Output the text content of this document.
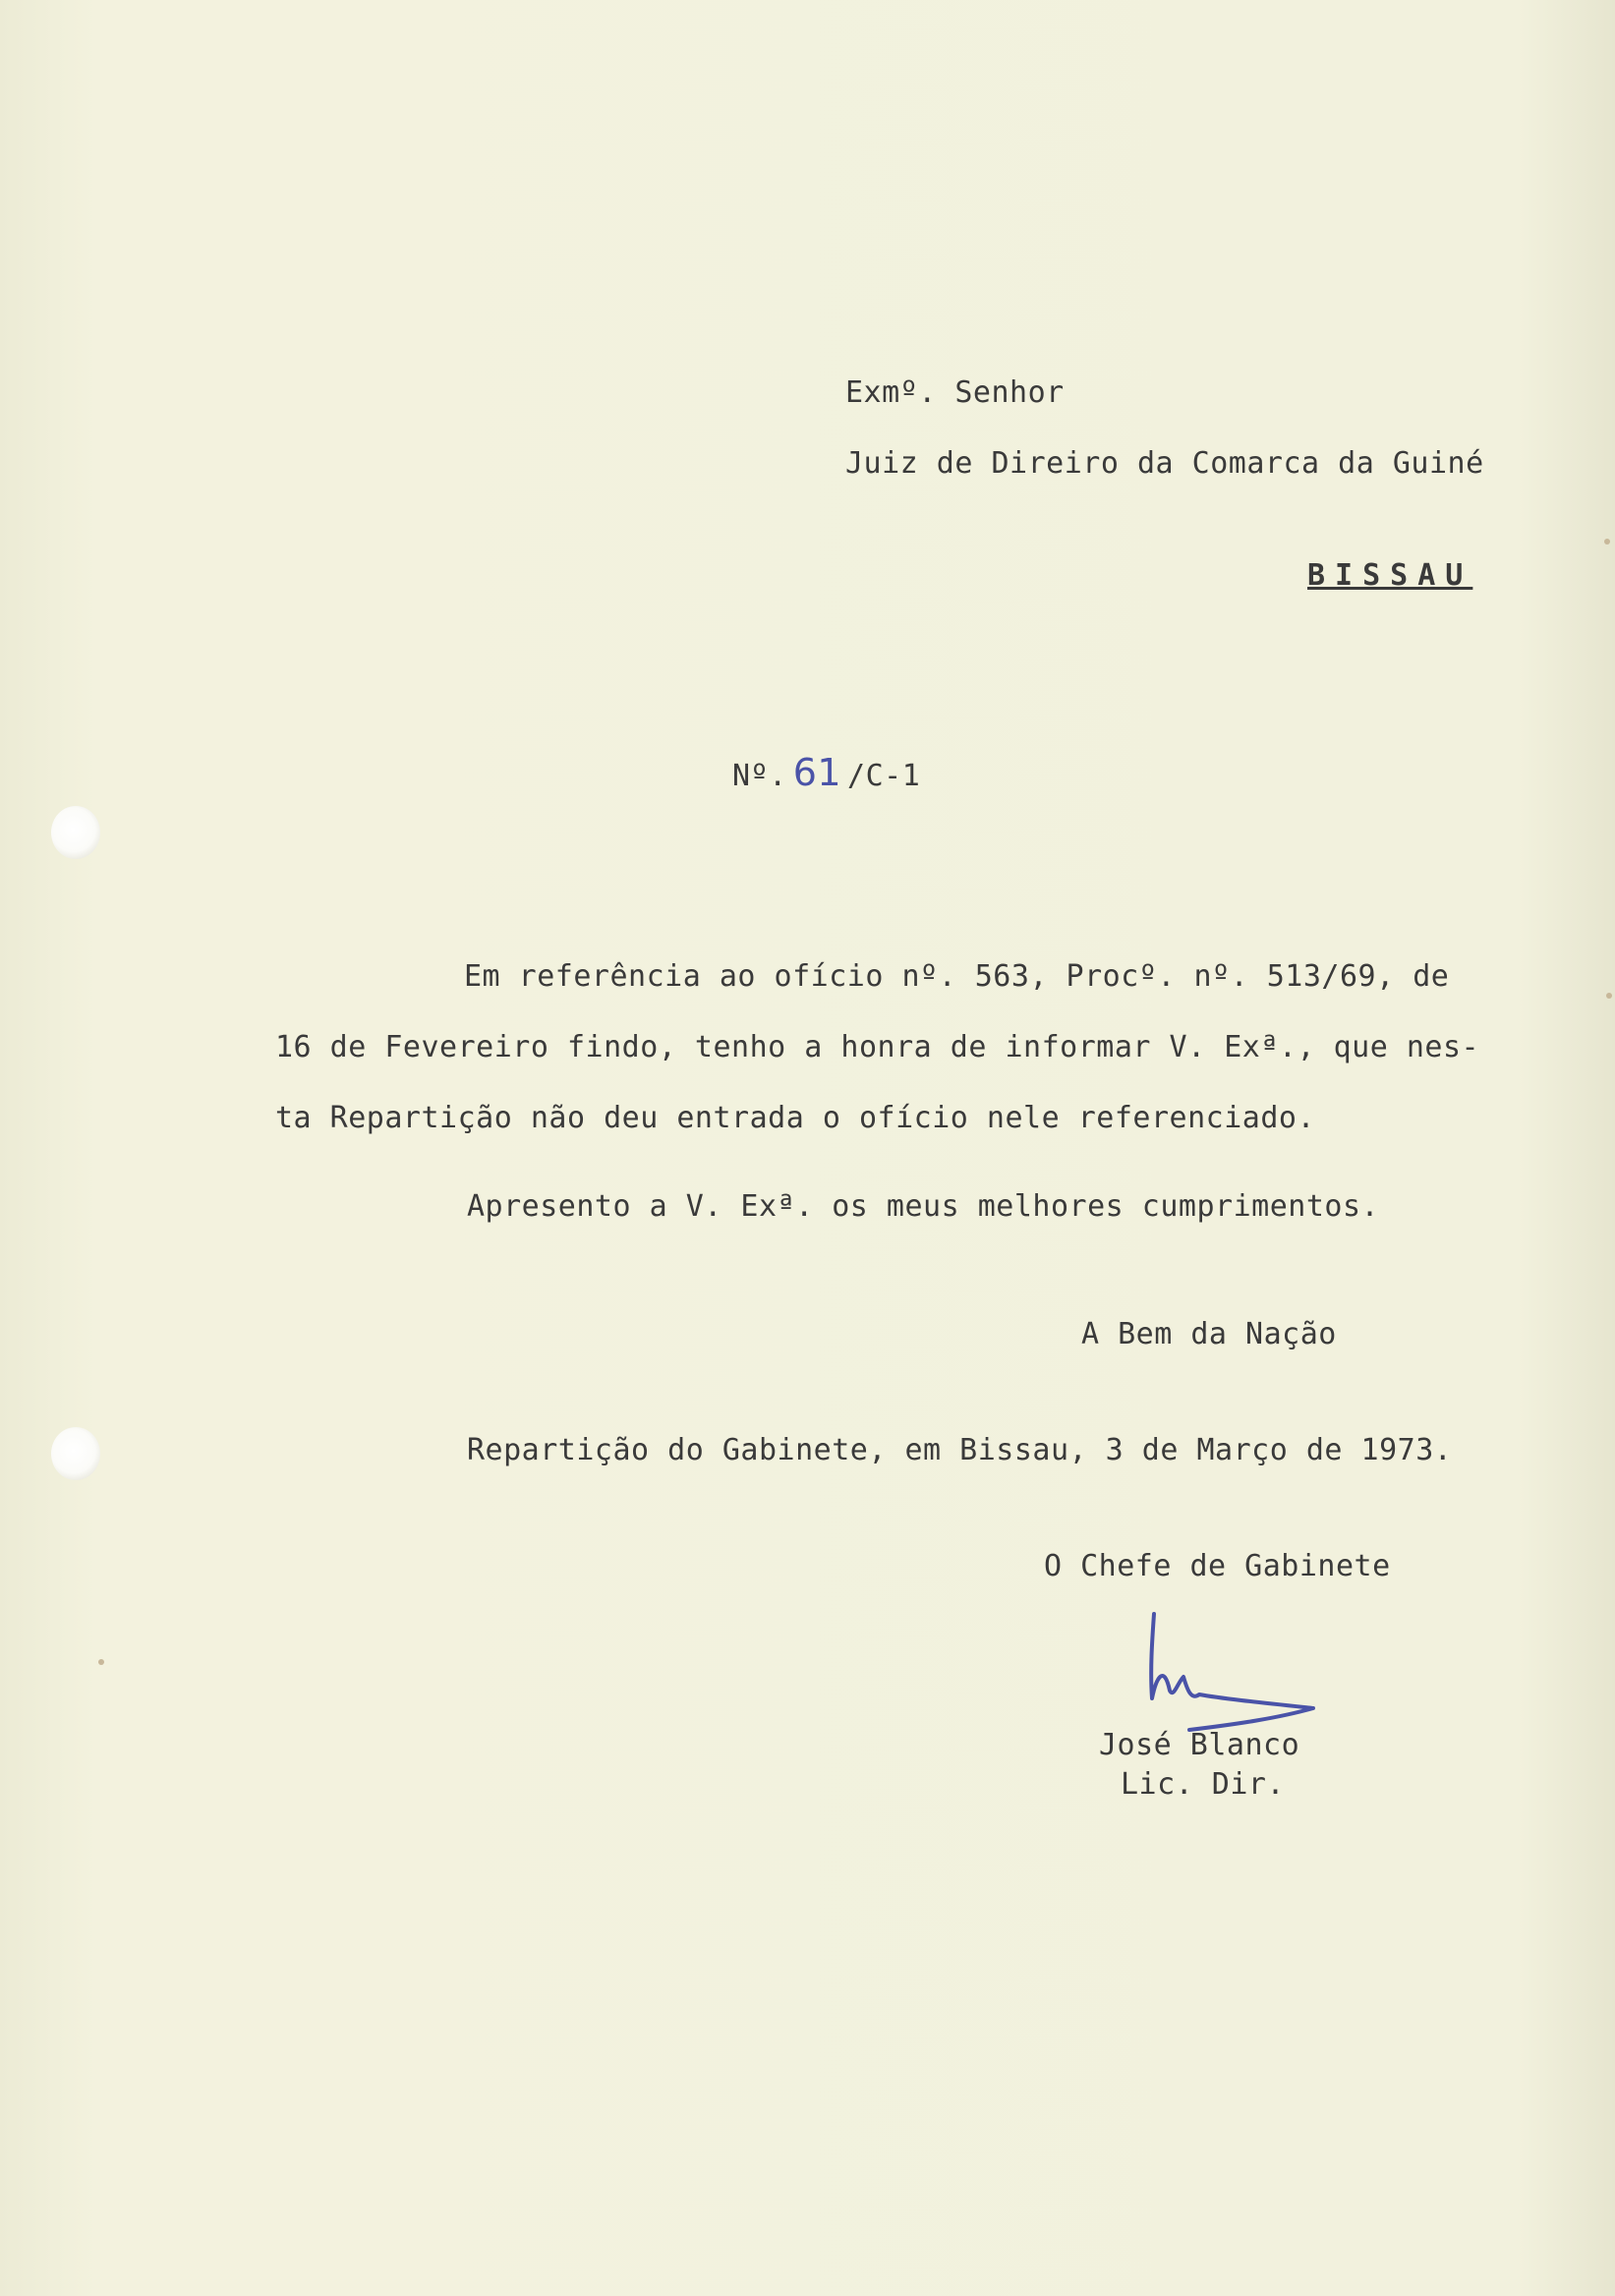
Exmº. Senhor
Juiz de Direiro da Comarca da Guiné
BISSAU
Nº. 61 /C-1
Em referência ao ofício nº. 563, Procº. nº. 513/69, de
16 de Fevereiro findo, tenho a honra de informar V. Exª., que nes-
ta Repartição não deu entrada o ofício nele referenciado.
Apresento a V. Exª. os meus melhores cumprimentos.
A Bem da Nação
Repartição do Gabinete, em Bissau, 3 de Março de 1973.
O Chefe de Gabinete
José Blanco
Lic. Dir.
